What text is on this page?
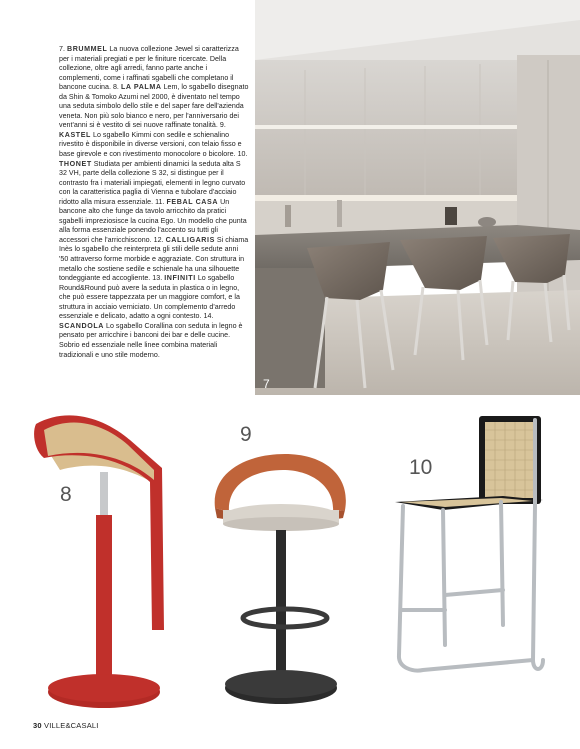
7. BRUMMEL La nuova collezione Jewel si caratterizza per i materiali pregiati e per le finiture ricercate. Della collezione, oltre agli arredi, fanno parte anche i complementi, come i raffinati sgabelli che completano il bancone cucina. 8. LA PALMA Lem, lo sgabello disegnato da Shin & Tomoko Azumi nel 2000, è diventato nel tempo una seduta simbolo dello stile e del saper fare dell'azienda veneta. Non più solo bianco e nero, per l'anniversario dei vent'anni si è vestito di sei nuove raffinate tonalità. 9. KASTEL Lo sgabello Kimmi con sedile e schienalino rivestito è disponibile in diverse versioni, con telaio fisso e base girevole e con rivestimento monocolore o bicolore. 10. THONET Studiata per ambienti dinamici la seduta alta S 32 VH, parte della collezione S 32, si distingue per il contrasto fra i materiali impiegati, elementi in legno curvato con la caratteristica paglia di Vienna e tubolare d'acciaio ridotto alla misura essenziale. 11. FEBAL CASA Un bancone alto che funge da tavolo arricchito da pratici sgabelli impreziosisce la cucina Ego. Un modello che punta alla forma essenziale ponendo l'accento su tutti gli accessori che l'arricchiscono. 12. CALLIGARIS Si chiama Inès lo sgabello che reinterpreta gli stili delle sedute anni '50 attraverso forme morbide e aggraziate. Con struttura in metallo che sostiene sedile e schienale ha una silhouette tondeggiante ed accogliente. 13. INFINITI Lo sgabello Round&Round può avere la seduta in plastica o in legno, che può essere tappezzata per un maggiore comfort, e la struttura in acciaio verniciato. Un complemento d'arredo essenziale e delicato, adatto a ogni contesto. 14. SCANDOLA Lo sgabello Corallina con seduta in legno è pensato per arricchire i banconi dei bar e delle cucine. Sobrio ed essenziale nelle linee combina materiali tradizionali e uno stile moderno.

7
8
9
10
30 VILLE&CASALI
